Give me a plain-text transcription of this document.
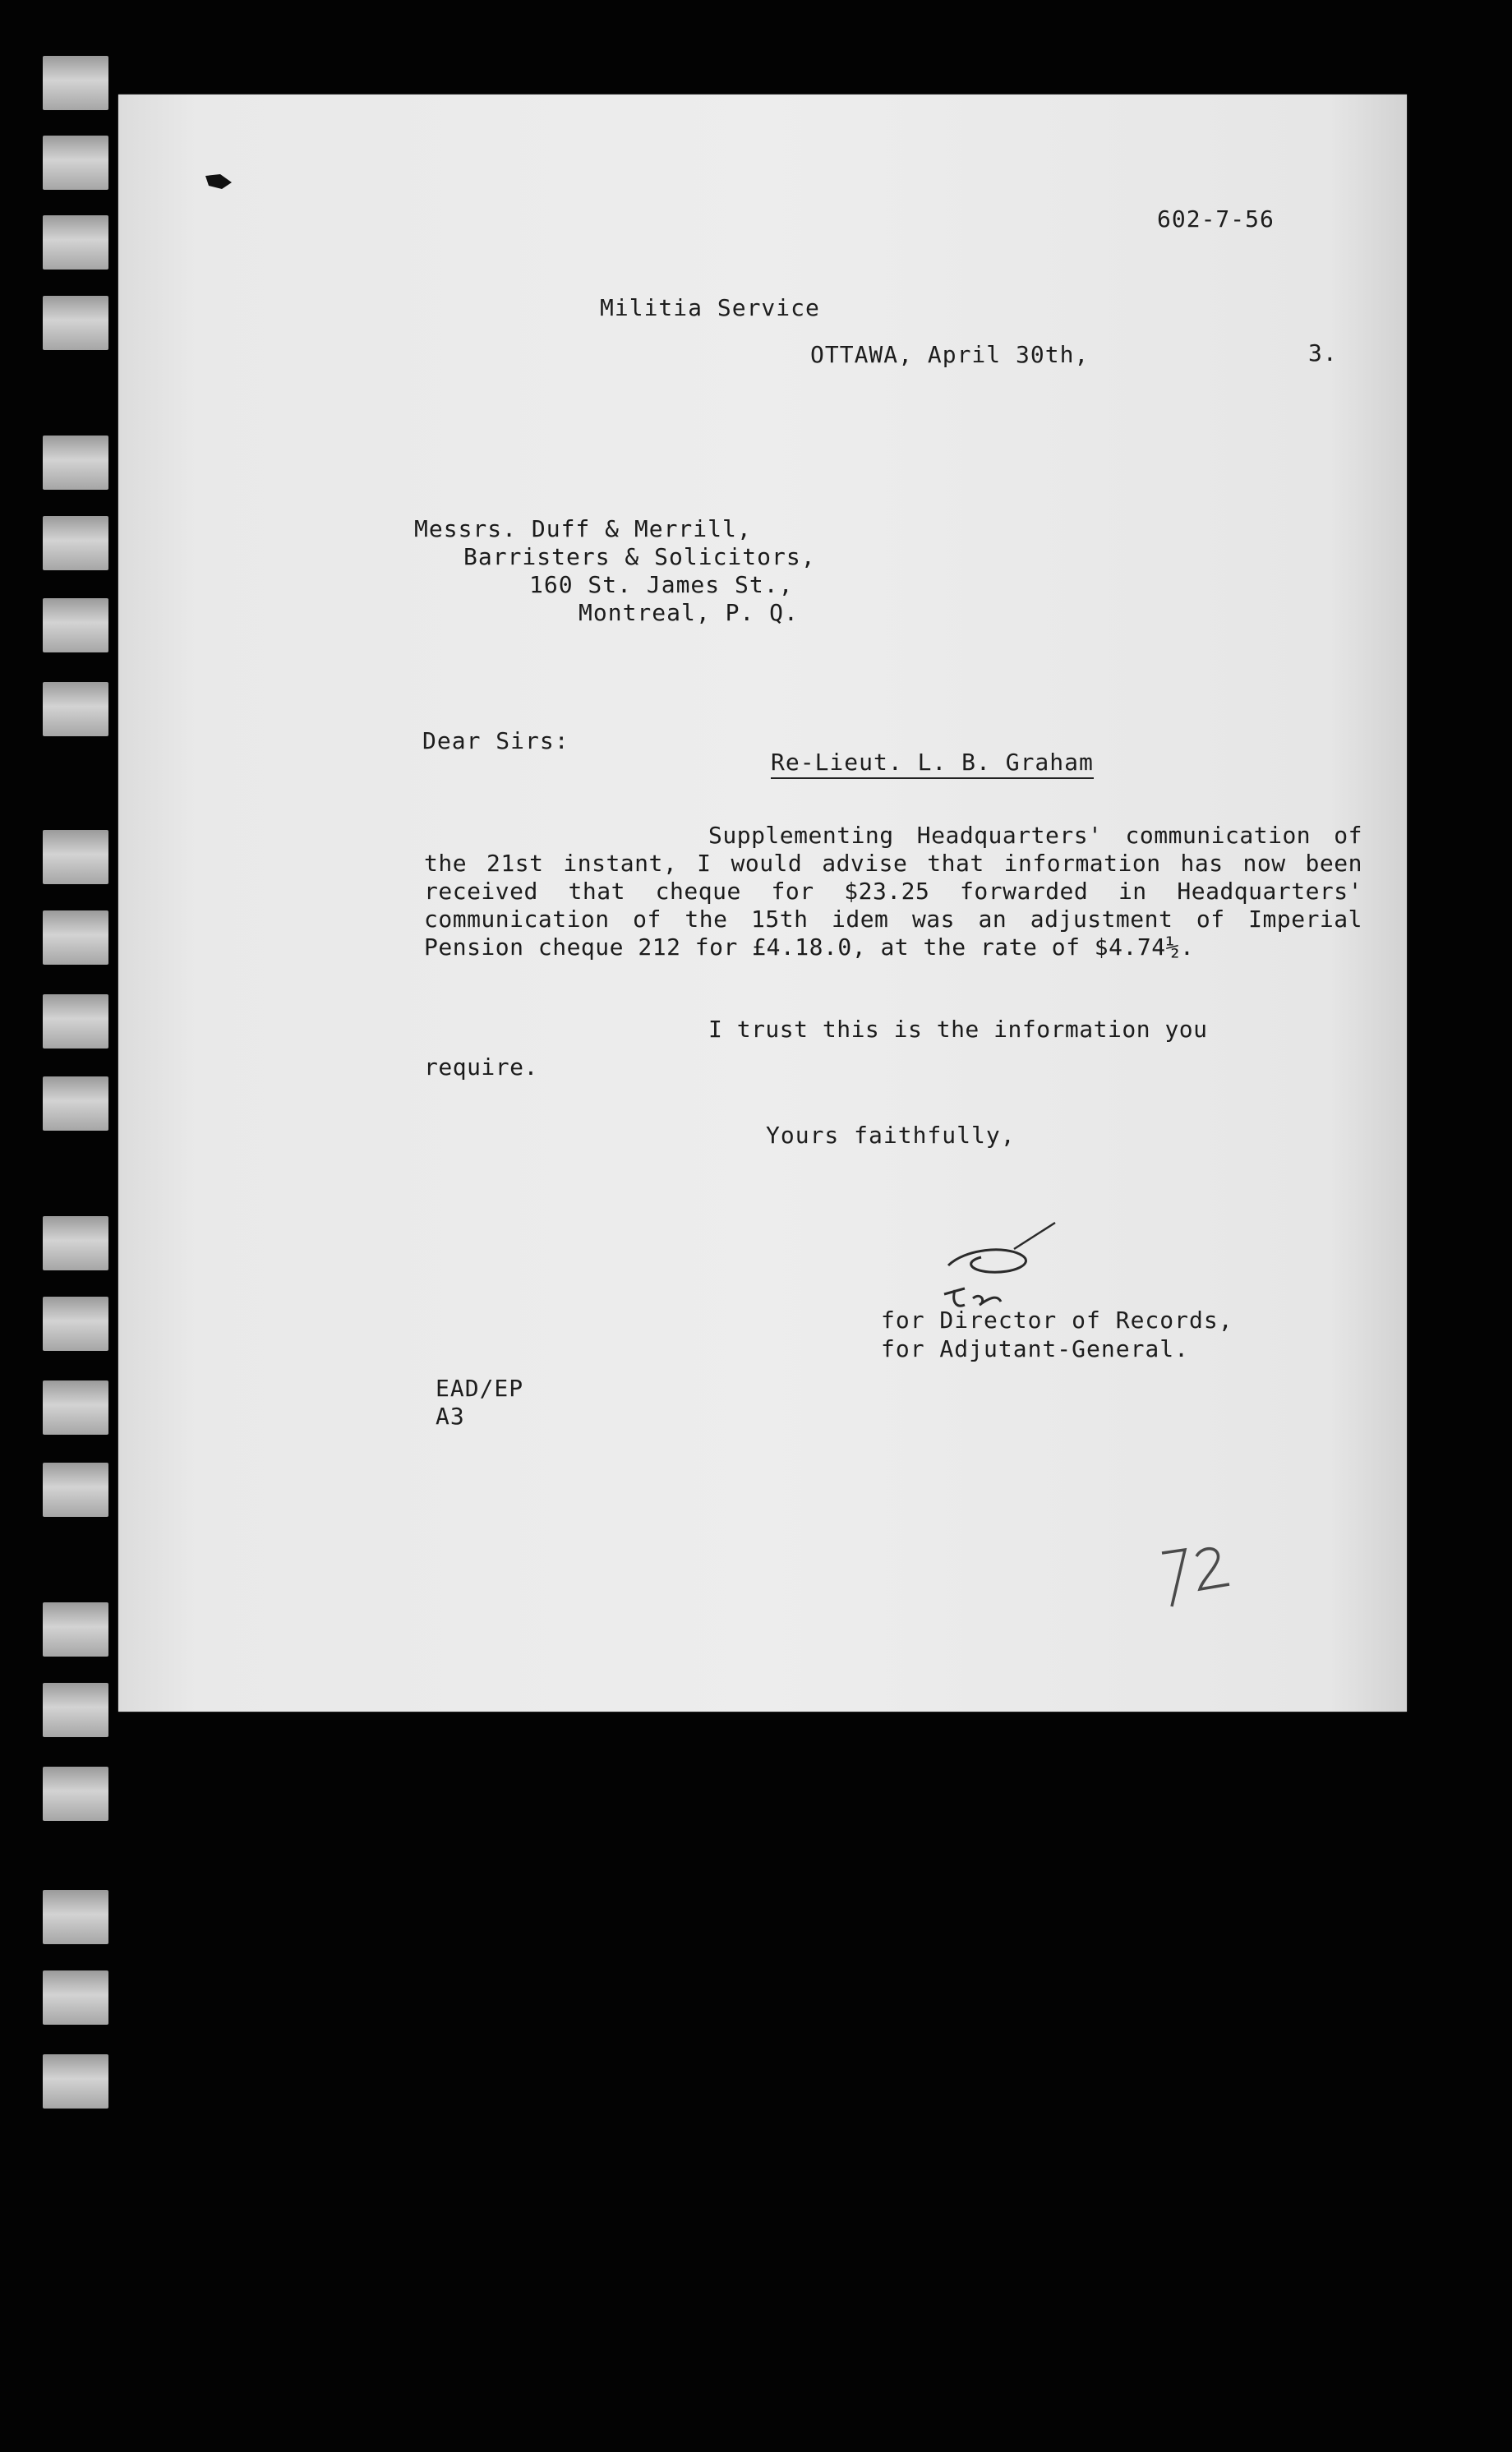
602-7-56

3.

Militia Service

OTTAWA, April 30th,

Messrs. Duff & Merrill,
Barristers & Solicitors,
160 St. James St.,
Montreal, P. Q.

Dear Sirs:

Re-Lieut. L. B. Graham

Supplementing Headquarters' communication of the 21st instant, I would advise that information has now been received that cheque for $23.25 forwarded in Headquarters' communication of the 15th idem was an adjustment of Imperial Pension cheque 212 for £4.18.0, at the rate of $4.74½.

I trust this is the information you require.

Yours faithfully,

for Director of Records,

for Adjutant-General.

EAD/EP

A3
